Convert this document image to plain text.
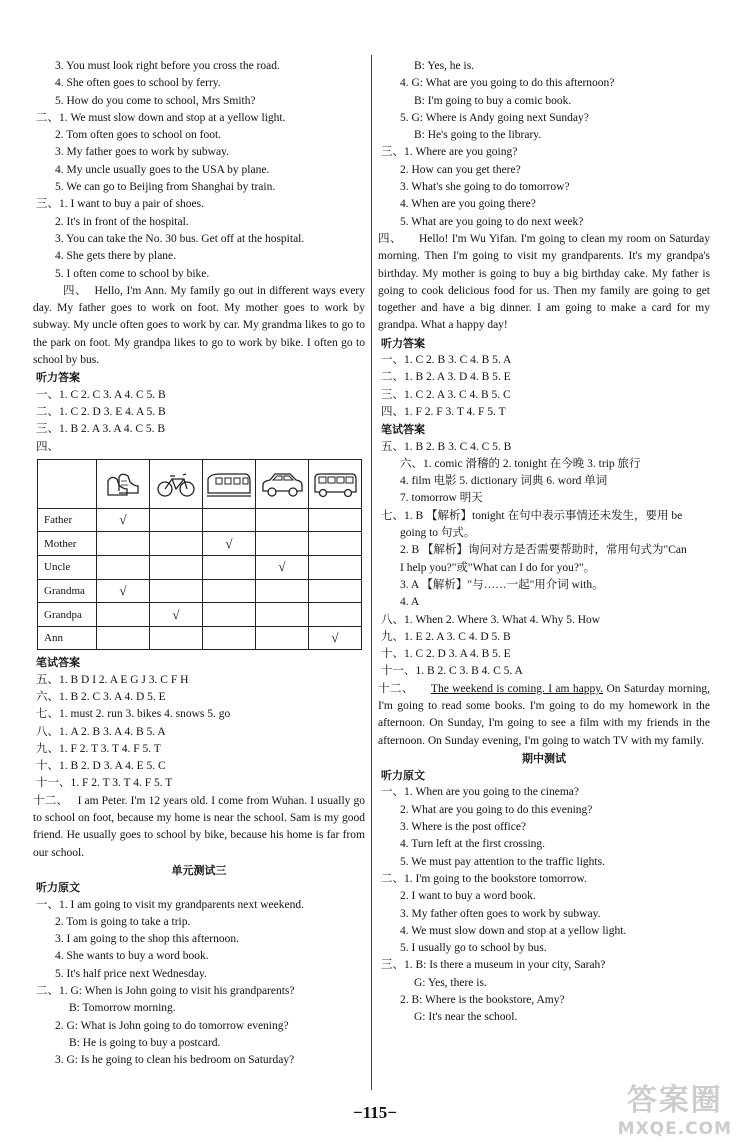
3. You must look right before you cross the road.
4. She often goes to school by ferry.
5. How do you come to school, Mrs Smith?
二、1. We must slow down and stop at a yellow light.
2. Tom often goes to school on foot.
3. My father goes to work by subway.
4. My uncle usually goes to the USA by plane.
5. We can go to Beijing from Shanghai by train.
三、1. I want to buy a pair of shoes.
2. It's in front of the hospital.
3. You can take the No. 30 bus. Get off at the hospital.
4. She gets there by plane.
5. I often come to school by bike.
四、 Hello, I'm Ann. My family go out in different ways every day. My father goes to work on foot. My mother goes to work by subway. My uncle often goes to work by car. My grandma likes to go to the park on foot. My grandpa likes to go to work by bike. I often go to school by bus.
听力答案
一、1. C 2. C 3. A 4. C 5. B
二、1. C 2. D 3. E 4. A 5. B
三、1. B 2. A 3. A 4. C 5. B
四、

Father	√				
Mother			√		
Uncle				√	
Grandma	√				
Grandpa		√			
Ann					√
笔试答案
五、1. B D I 2. A E G J 3. C F H
六、1. B 2. C 3. A 4. D 5. E
七、1. must 2. run 3. bikes 4. snows 5. go
八、1. A 2. B 3. A 4. B 5. A
九、1. F 2. T 3. T 4. F 5. T
十、1. B 2. D 3. A 4. E 5. C
十一、1. F 2. T 3. T 4. F 5. T
十二、 I am Peter. I'm 12 years old. I come from Wuhan. I usually go to school on foot, because my home is near the school. Sam is my good friend. He usually goes to school by bike, because his home is far from our school.
单元测试三
听力原文
一、1. I am going to visit my grandparents next weekend.
2. Tom is going to take a trip.
3. I am going to the shop this afternoon.
4. She wants to buy a word book.
5. It's half price next Wednesday.
二、1. G: When is John going to visit his grandparents?
B: Tomorrow morning.
2. G: What is John going to do tomorrow evening?
B: He is going to buy a postcard.
3. G: Is he going to clean his bedroom on Saturday?
B: Yes, he is.
4. G: What are you going to do this afternoon?
B: I'm going to buy a comic book.
5. G: Where is Andy going next Sunday?
B: He's going to the library.
三、1. Where are you going?
2. How can you get there?
3. What's she going to do tomorrow?
4. When are you going there?
5. What are you going to do next week?
四、 Hello! I'm Wu Yifan. I'm going to clean my room on Saturday morning. Then I'm going to visit my grandparents. It's my grandpa's birthday. My mother is going to buy a big birthday cake. My father is going to cook delicious food for us. Then my family are going to get together and have a big dinner. I am going to make a card for my grandpa. What a happy day!
听力答案
一、1. C 2. B 3. C 4. B 5. A
二、1. B 2. A 3. D 4. B 5. E
三、1. C 2. A 3. C 4. B 5. C
四、1. F 2. F 3. T 4. F 5. T
笔试答案
五、1. B 2. B 3. C 4. C 5. B
六、1. comic 滑稽的 2. tonight 在今晚 3. trip 旅行
4. film 电影 5. dictionary 词典 6. word 单词
7. tomorrow 明天
七、1. B 【解析】tonight 在句中表示事情还未发生，要用 be
going to 句式。
2. B 【解析】询问对方是否需要帮助时，常用句式为"Can
I help you?"或"What can I do for you?"。
3. A 【解析】"与……一起"用介词 with。
4. A
八、1. When 2. Where 3. What 4. Why 5. How
九、1. E 2. A 3. C 4. D 5. B
十、1. C 2. D 3. A 4. B 5. E
十一、1. B 2. C 3. B 4. C 5. A
十二、 The weekend is coming. I am happy. On Saturday morning, I'm going to read some books. I'm going to do my homework in the afternoon. On Sunday, I'm going to see a film with my friends in the afternoon. On Sunday evening, I'm going to watch TV with my family.
期中测试
听力原文
一、1. When are you going to the cinema?
2. What are you going to do this evening?
3. Where is the post office?
4. Turn left at the first crossing.
5. We must pay attention to the traffic lights.
二、1. I'm going to the bookstore tomorrow.
2. I want to buy a word book.
3. My father often goes to work by subway.
4. We must slow down and stop at a yellow light.
5. I usually go to school by bus.
三、1. B: Is there a museum in your city, Sarah?
G: Yes, there is.
2. B: Where is the bookstore, Amy?
G: It's near the school.
−115−	答案圈
MXQE.COM
